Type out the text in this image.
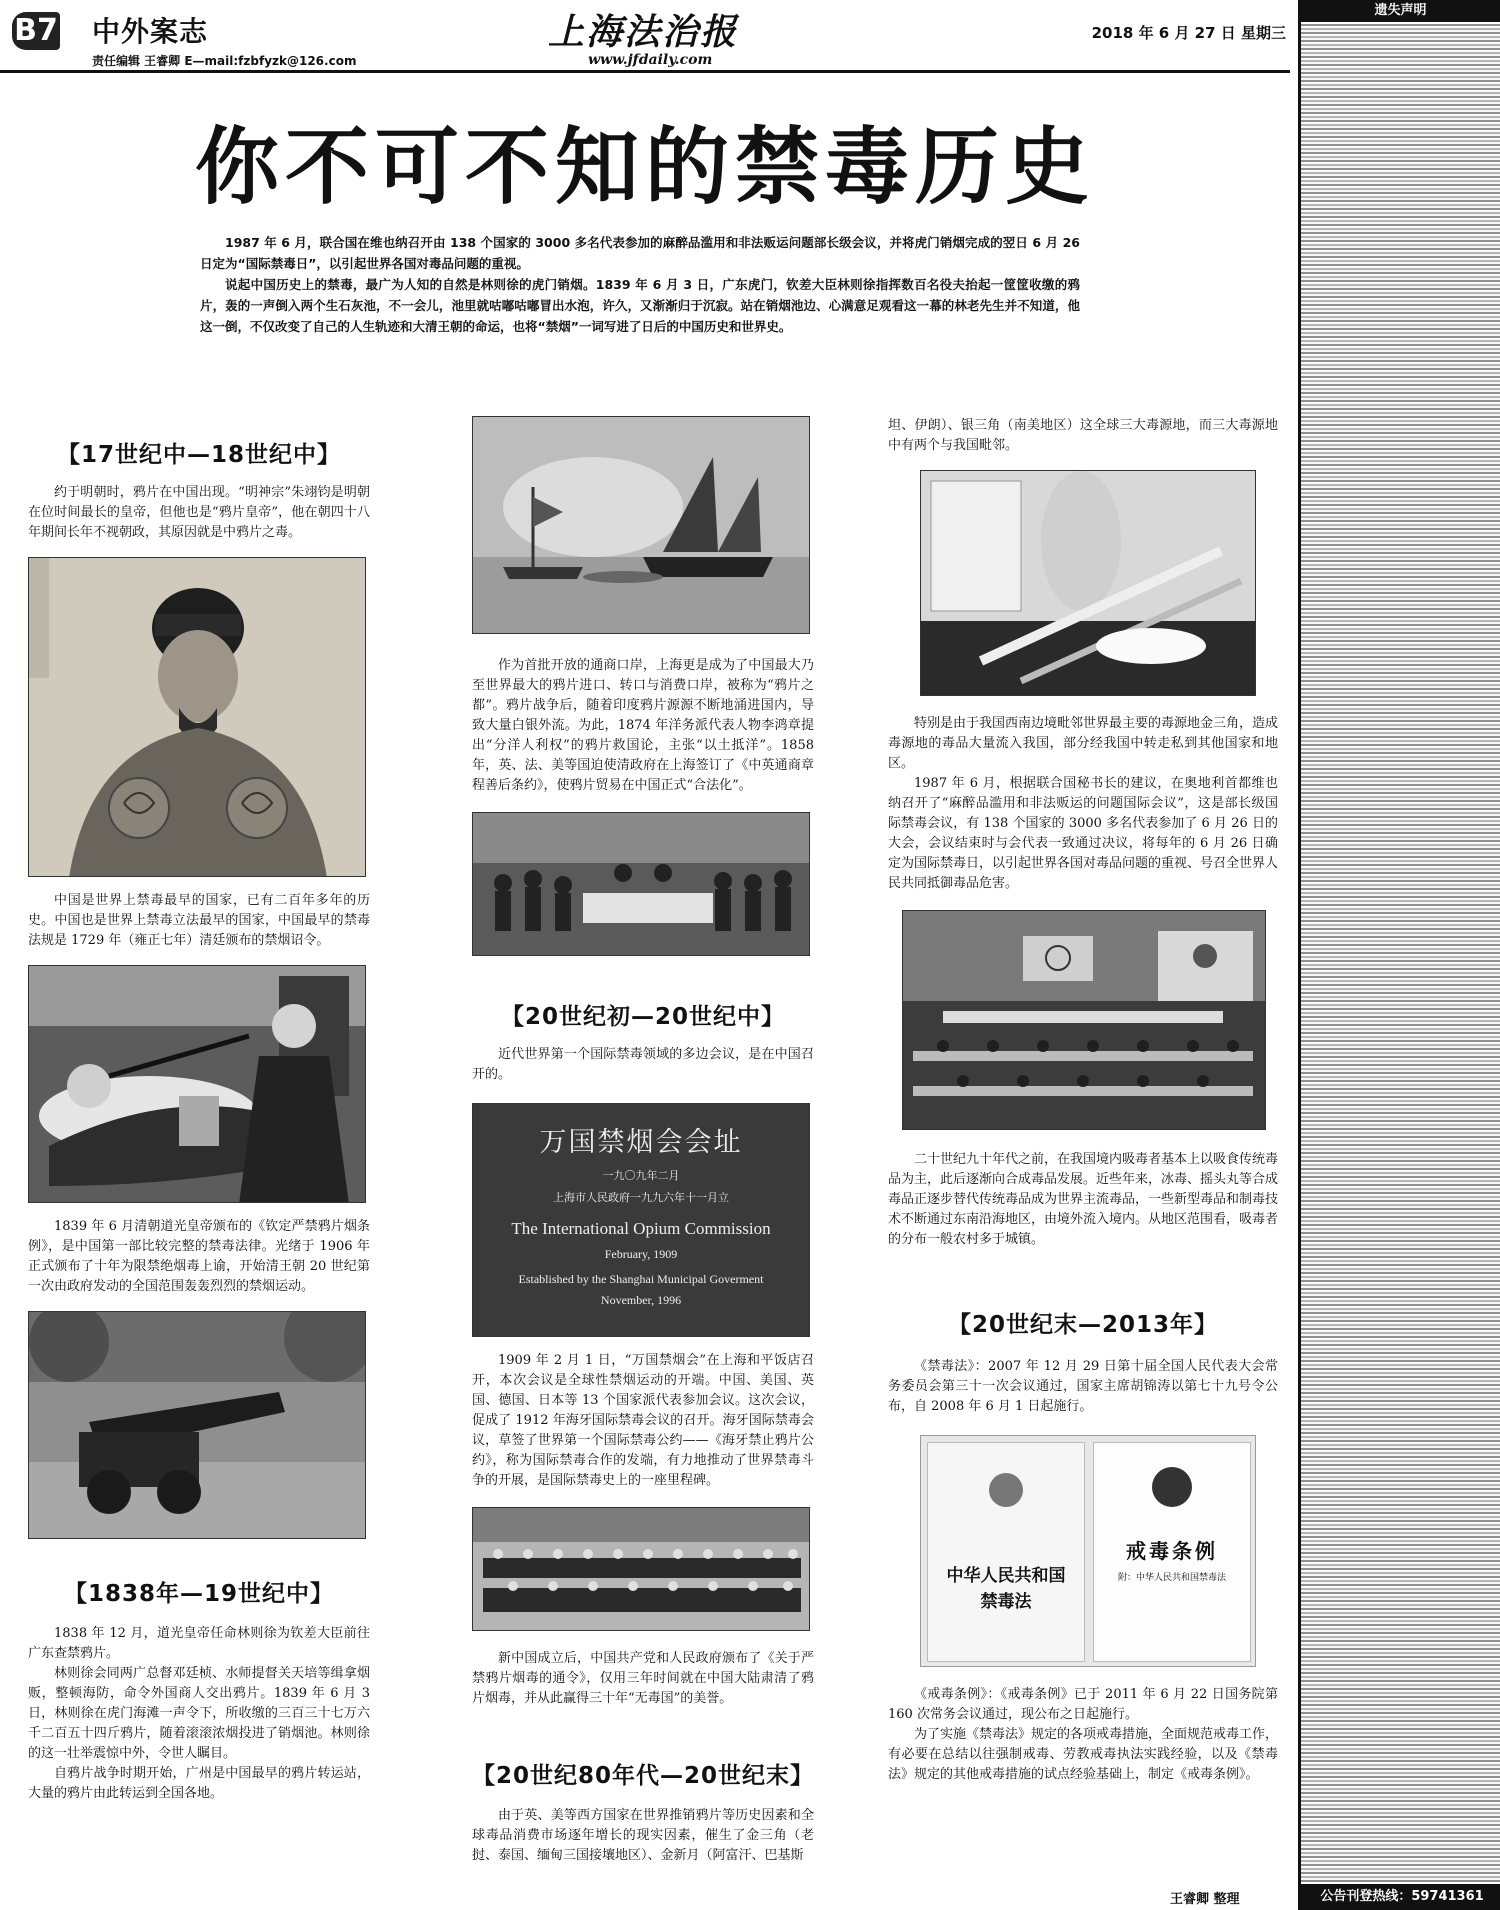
B7 中外案志
责任编辑 王睿卿 E—mail:fzbfyzk@126.com
上海法治报
www.jfdaily.com
2018 年 6 月 27 日 星期三
你不可不知的禁毒历史

1987 年 6 月，联合国在维也纳召开由 138 个国家的 3000 多名代表参加的麻醉品滥用和非法贩运问题部长级会议，并将虎门销烟完成的翌日 6 月 26 日定为“国际禁毒日”，以引起世界各国对毒品问题的重视。

说起中国历史上的禁毒，最广为人知的自然是林则徐的虎门销烟。1839 年 6 月 3 日，广东虎门，钦差大臣林则徐指挥数百名役夫抬起一筐筐收缴的鸦片，轰的一声倒入两个生石灰池，不一会儿，池里就咕嘟咕嘟冒出水泡，许久，又渐渐归于沉寂。站在销烟池边、心满意足观看这一幕的林老先生并不知道，他这一倒，不仅改变了自己的人生轨迹和大清王朝的命运，也将“禁烟”一词写进了日后的中国历史和世界史。

【17世纪中—18世纪中】

约于明朝时，鸦片在中国出现。“明神宗”朱翊钧是明朝在位时间最长的皇帝，但他也是“鸦片皇帝”，他在朝四十八年期间长年不视朝政，其原因就是中鸦片之毒。

中国是世界上禁毒最早的国家，已有二百年多年的历史。中国也是世界上禁毒立法最早的国家，中国最早的禁毒法规是 1729 年（雍正七年）清廷颁布的禁烟诏令。

1839 年 6 月清朝道光皇帝颁布的《钦定严禁鸦片烟条例》，是中国第一部比较完整的禁毒法律。光绪于 1906 年正式颁布了十年为限禁绝烟毒上谕，开始清王朝 20 世纪第一次由政府发动的全国范围轰轰烈烈的禁烟运动。

【1838年—19世纪中】

1838 年 12 月，道光皇帝任命林则徐为钦差大臣前往广东查禁鸦片。

林则徐会同两广总督邓廷桢、水师提督关天培等缉拿烟贩，整顿海防，命令外国商人交出鸦片。1839 年 6 月 3 日，林则徐在虎门海滩一声令下，所收缴的三百三十七万六千二百五十四斤鸦片，随着滚滚浓烟投进了销烟池。林则徐的这一壮举震惊中外，令世人瞩目。

自鸦片战争时期开始，广州是中国最早的鸦片转运站，大量的鸦片由此转运到全国各地。

作为首批开放的通商口岸，上海更是成为了中国最大乃至世界最大的鸦片进口、转口与消费口岸，被称为“鸦片之都”。鸦片战争后，随着印度鸦片源源不断地涌进国内，导致大量白银外流。为此，1874 年洋务派代表人物李鸿章提出“分洋人利权”的鸦片救国论，主张“以土抵洋”。1858 年，英、法、美等国迫使清政府在上海签订了《中英通商章程善后条约》，使鸦片贸易在中国正式“合法化”。

【20世纪初—20世纪中】

近代世界第一个国际禁毒领域的多边会议，是在中国召开的。

万国禁烟会会址
一九〇九年二月
上海市人民政府一九九六年十一月立
The International Opium Commission
February, 1909
Established by the Shanghai Municipal Goverment
November, 1996

1909 年 2 月 1 日，“万国禁烟会”在上海和平饭店召开，本次会议是全球性禁烟运动的开端。中国、美国、英国、德国、日本等 13 个国家派代表参加会议。这次会议，促成了 1912 年海牙国际禁毒会议的召开。海牙国际禁毒会议，草签了世界第一个国际禁毒公约——《海牙禁止鸦片公约》，称为国际禁毒合作的发端，有力地推动了世界禁毒斗争的开展，是国际禁毒史上的一座里程碑。

新中国成立后，中国共产党和人民政府颁布了《关于严禁鸦片烟毒的通令》，仅用三年时间就在中国大陆肃清了鸦片烟毒，并从此赢得三十年“无毒国”的美誉。

【20世纪80年代—20世纪末】

由于英、美等西方国家在世界推销鸦片等历史因素和全球毒品消费市场逐年增长的现实因素，催生了金三角（老挝、泰国、缅甸三国接壤地区）、金新月（阿富汗、巴基斯

坦、伊朗）、银三角（南美地区）这全球三大毒源地，而三大毒源地中有两个与我国毗邻。

特别是由于我国西南边境毗邻世界最主要的毒源地金三角，造成毒源地的毒品大量流入我国，部分经我国中转走私到其他国家和地区。

1987 年 6 月，根据联合国秘书长的建议，在奥地利首都维也纳召开了“麻醉品滥用和非法贩运的问题国际会议”，这是部长级国际禁毒会议，有 138 个国家的 3000 多名代表参加了 6 月 26 日的大会，会议结束时与会代表一致通过决议，将每年的 6 月 26 日确定为国际禁毒日，以引起世界各国对毒品问题的重视、号召全世界人民共同抵御毒品危害。

二十世纪九十年代之前，在我国境内吸毒者基本上以吸食传统毒品为主，此后逐渐向合成毒品发展。近些年来，冰毒、摇头丸等合成毒品正逐步替代传统毒品成为世界主流毒品，一些新型毒品和制毒技术不断通过东南沿海地区，由境外流入境内。从地区范围看，吸毒者的分布一般农村多于城镇。

【20世纪末—2013年】

《禁毒法》：2007 年 12 月 29 日第十届全国人民代表大会常务委员会第三十一次会议通过，国家主席胡锦涛以第七十九号令公布，自 2008 年 6 月 1 日起施行。

中华人民共和国禁毒法
戒毒条例
附：中华人民共和国禁毒法

《戒毒条例》：《戒毒条例》已于 2011 年 6 月 22 日国务院第 160 次常务会议通过，现公布之日起施行。

为了实施《禁毒法》规定的各项戒毒措施，全面规范戒毒工作，有必要在总结以往强制戒毒、劳教戒毒执法实践经验，以及《禁毒法》规定的其他戒毒措施的试点经验基础上，制定《戒毒条例》。

王睿卿 整理
遗失声明
公告刊登热线：59741361
